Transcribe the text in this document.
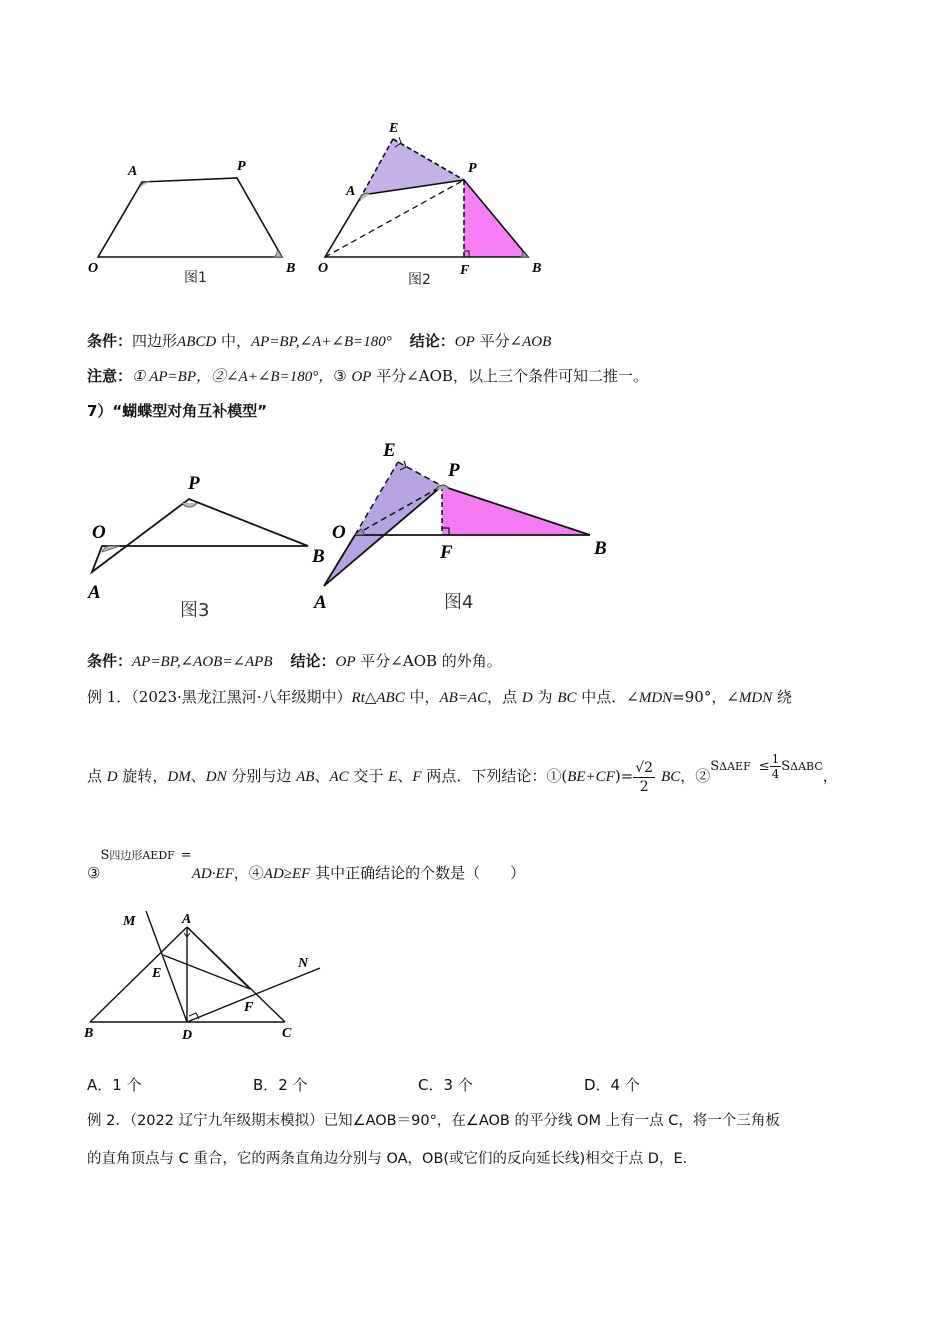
A	P
O	B
图1
E
A
P
O	F	B
图2
条件：四边形ABCD 中，AP=BP,∠A+∠B=180° 结论：OP 平分∠AOB
注意：① AP=BP，②∠A+∠B=180°，③ OP 平分∠AOB，以上三个条件可知二推一。
7）“蝴蝶型对角互补模型”
P
O
B
A
图3
E
P
O
F	B
A	图4
条件：AP=BP,∠AOB=∠APB 结论：OP 平分∠AOB 的外角。
例 1．（2023·黑龙江黑河·八年级期中）Rt△ABC 中，AB=AC，点 D 为 BC 中点．∠MDN=90°，∠MDN 绕
点 D 旋转，DM、DN 分别与边 AB、AC 交于 E、F 两点．下列结论：①(BE+CF)= $\frac{√2}{2}$ BC，②SΔAEF ≤ $\frac{1}{4}$ SΔABC，
③S四边形AEDF =AD·EF，④AD≥EF 其中正确结论的个数是（　　）
M	A
N
E
F
B	D	C
A．1 个	B．2 个	C．3 个	D．4 个
例 2．（2022 辽宁九年级期末模拟）已知∠AOB＝90°，在∠AOB 的平分线 OM 上有一点 C，将一个三角板
的直角顶点与 C 重合，它的两条直角边分别与 OA，OB(或它们的反向延长线)相交于点 D，E.
